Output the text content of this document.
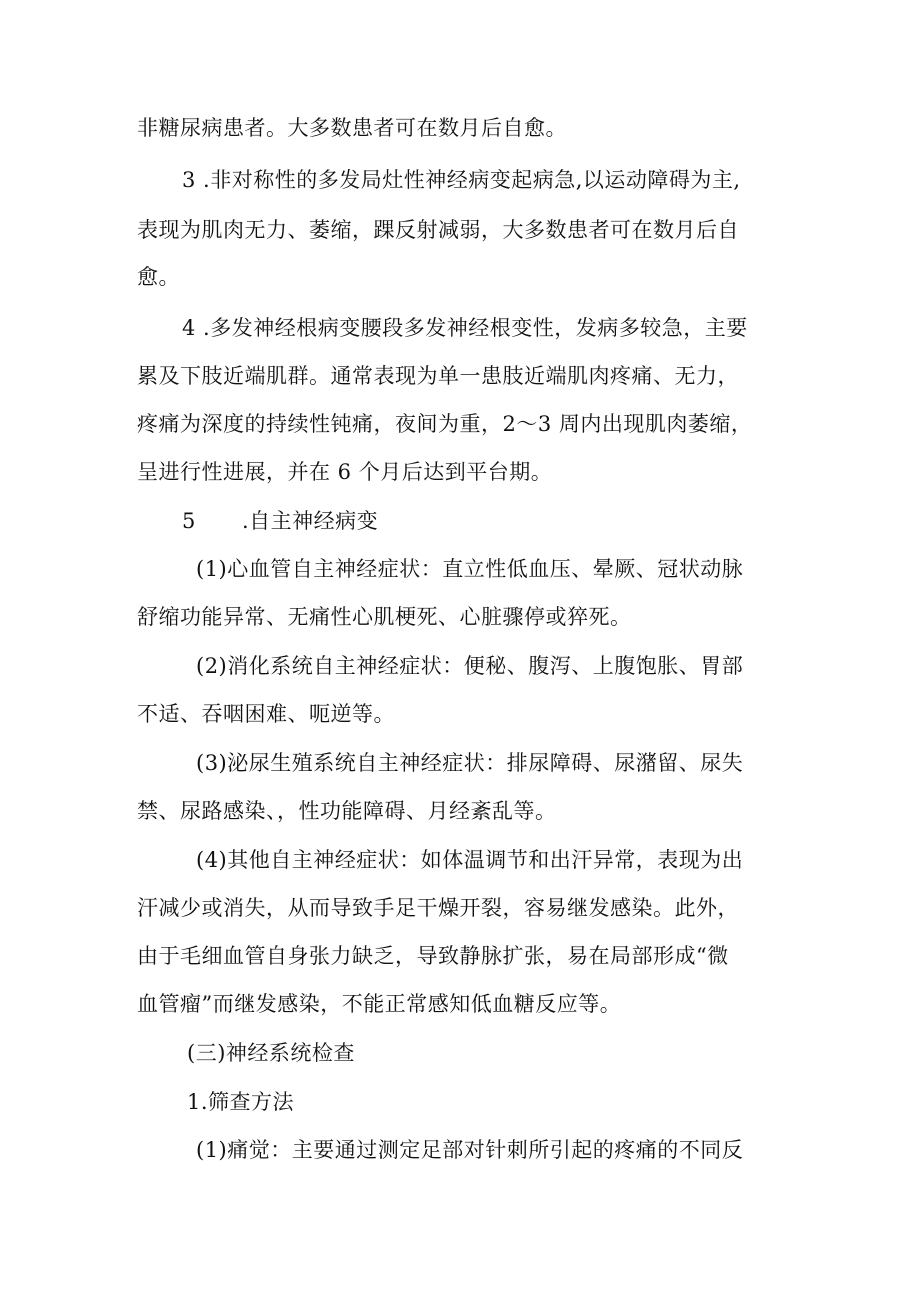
非糖尿病患者。大多数患者可在数月后自愈。
3 .非对称性的多发局灶性神经病变起病急,以运动障碍为主,
表现为肌肉无力、萎缩，踝反射减弱，大多数患者可在数月后自
愈。
4 .多发神经根病变腰段多发神经根变性，发病多较急，主要
累及下肢近端肌群。通常表现为单一患肢近端肌肉疼痛、无力，
疼痛为深度的持续性钝痛，夜间为重，2～3 周内出现肌肉萎缩，
呈进行性进展，并在 6 个月后达到平台期。
5 .自主神经病变
(1)心血管自主神经症状：直立性低血压、晕厥、冠状动脉
舒缩功能异常、无痛性心肌梗死、心脏骤停或猝死。
(2)消化系统自主神经症状：便秘、腹泻、上腹饱胀、胃部
不适、吞咽困难、呃逆等。
(3)泌尿生殖系统自主神经症状：排尿障碍、尿潴留、尿失
禁、尿路感染、，性功能障碍、月经紊乱等。
(4)其他自主神经症状：如体温调节和出汗异常，表现为出
汗减少或消失，从而导致手足干燥开裂，容易继发感染。此外，
由于毛细血管自身张力缺乏，导致静脉扩张，易在局部形成“微
血管瘤”而继发感染，不能正常感知低血糖反应等。
(三)神经系统检查
1.筛查方法
(1)痛觉：主要通过测定足部对针刺所引起的疼痛的不同反
